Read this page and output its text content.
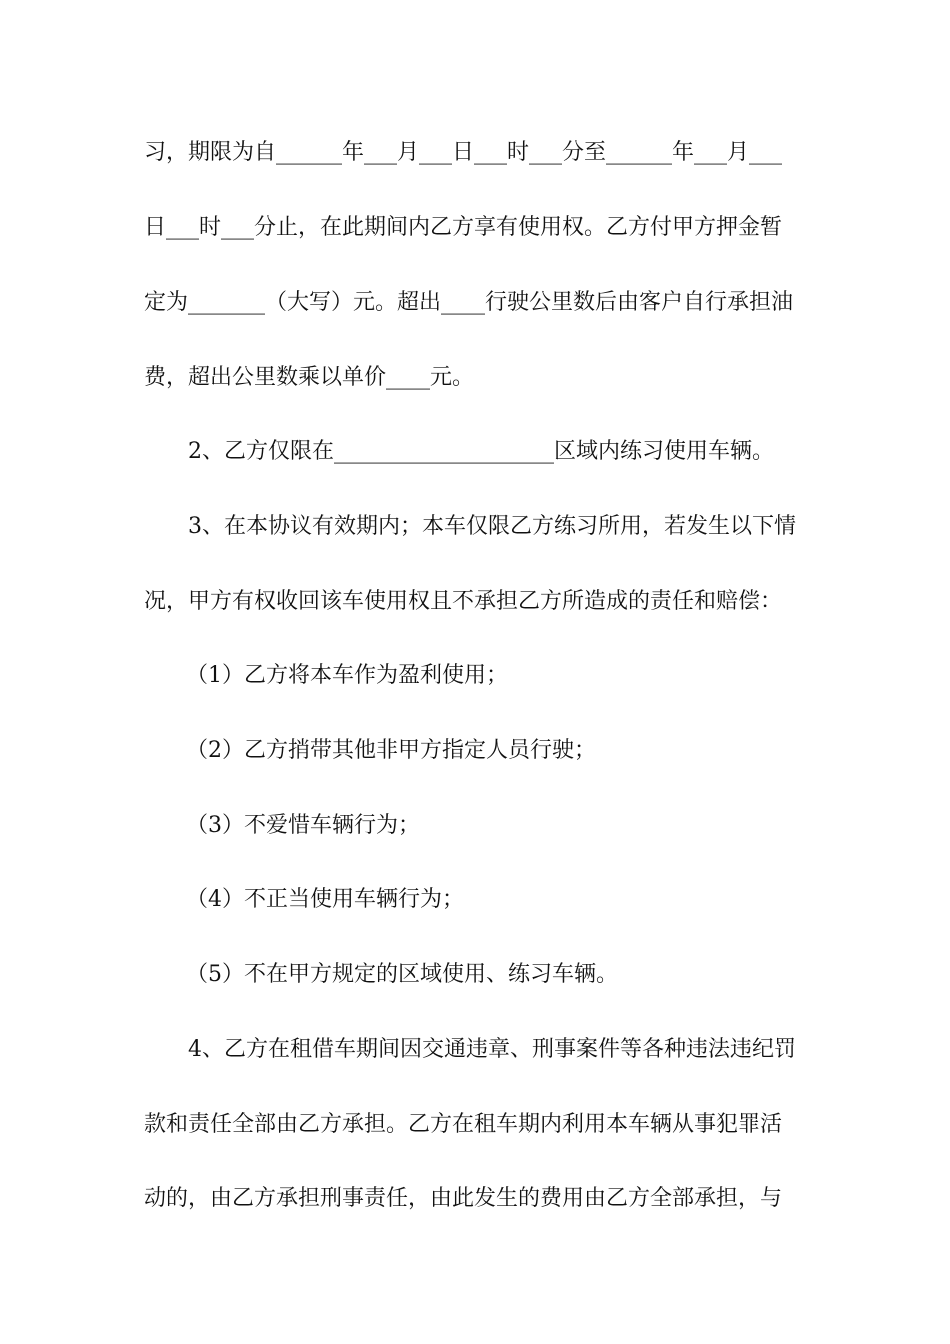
习，期限为自______年___月___日___时___分至______年___月___
日___时___分止，在此期间内乙方享有使用权。乙方付甲方押金暂
定为_______（大写）元。超出____行驶公里数后由客户自行承担油
费，超出公里数乘以单价____元。
2、乙方仅限在____________________区域内练习使用车辆。
3、在本协议有效期内；本车仅限乙方练习所用，若发生以下情
况，甲方有权收回该车使用权且不承担乙方所造成的责任和赔偿：
（1）乙方将本车作为盈利使用；
（2）乙方捎带其他非甲方指定人员行驶；
（3）不爱惜车辆行为；
（4）不正当使用车辆行为；
（5）不在甲方规定的区域使用、练习车辆。
4、乙方在租借车期间因交通违章、刑事案件等各种违法违纪罚
款和责任全部由乙方承担。乙方在租车期内利用本车辆从事犯罪活
动的，由乙方承担刑事责任，由此发生的费用由乙方全部承担，与
